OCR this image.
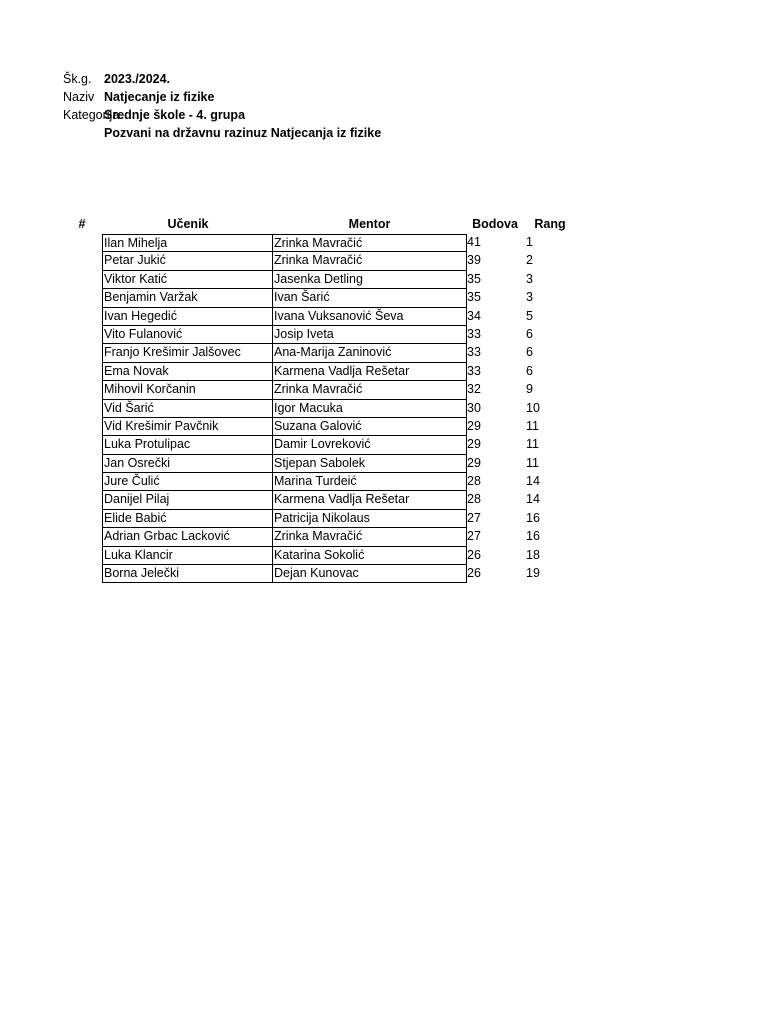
Šk.g.	2023./2024.
Naziv Natjecanje iz fizike
Kategorija
Srednje škole - 4. grupa
Pozvani na državnu razinuz Natjecanja iz fizike
#	Učenik	Mentor	Bodova	Rang
Ilan Mihelja	Zrinka Mavračić	41	1
Petar Jukić	Zrinka Mavračić	39	2
Viktor Katić	Jasenka Detling	35	3
Benjamin Varžak	Ivan Šarić	35	3
Ivan Hegedić	Ivana Vuksanović Ševa	34	5
Vito Fulanović	Josip Iveta	33	6
Franjo Krešimir Jalšovec	Ana-Marija Zaninović	33	6
Ema Novak	Karmena Vadlja Rešetar	33	6
Mihovil Korčanin	Zrinka Mavračić	32	9
Vid Šarić	Igor Macuka	30	10
Vid Krešimir Pavčnik	Suzana Galović	29	11
Luka Protulipac	Damir Lovreković	29	11
Jan Osrečki	Stjepan Sabolek	29	11
Jure Čulić	Marina Turdeić	28	14
Danijel Pilaj	Karmena Vadlja Rešetar	28	14
Elide Babić	Patricija Nikolaus	27	16
Adrian Grbac Lacković	Zrinka Mavračić	27	16
Luka Klancir	Katarina Sokolić	26	18
Borna Jelečki	Dejan Kunovac	26	19
